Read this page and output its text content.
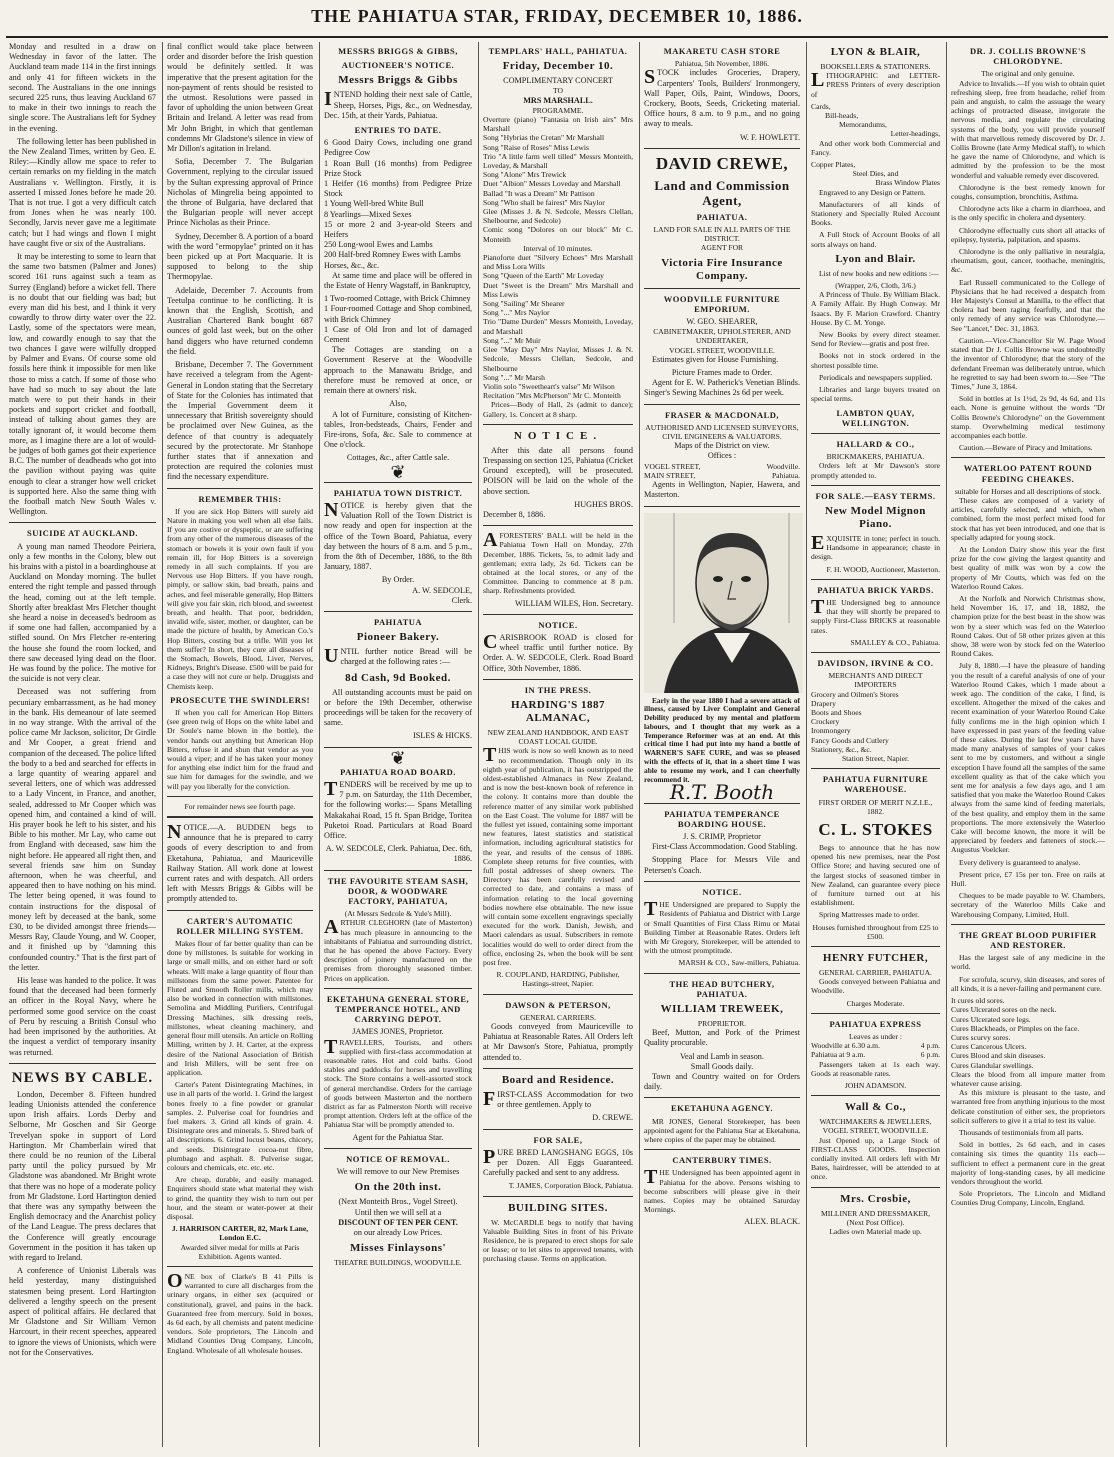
THE PAHIATUA STAR, FRIDAY, DECEMBER 10, 1886.

Monday and resulted in a draw on Wednesday in favor of the latter. The Auckland team made 114 in the first innings and only 41 for fifteen wickets in the second. The Australians in the one innings secured 225 runs, thus leaving Auckland 67 to make in their two innings to reach the single score. The Australians left for Sydney in the evening.

The following letter has been published in the New Zealand Times, written by Geo. E. Riley:—Kindly allow me space to refer to certain remarks on my fielding in the match Australians v. Wellington. Firstly, it is asserted I missed Jones before he made 20. That is not true. I got a very difficult catch from Jones when he was nearly 100. Secondly, Jarvis never gave me a legitimate catch; but I had wings and flown I might have caught five or six of the Australians.

It may be interesting to some to learn that the same two batsmen (Palmer and Jones) scored 161 runs against such a team as Surrey (England) before a wicket fell. There is no doubt that our fielding was bad; but every man did his best, and I think it very cowardly to throw dirty water over the 22. Lastly, some of the spectators were mean, low, and cowardly enough to say that the two chances I gave were wilfully dropped by Palmer and Evans. Of course some old fossils here think it impossible for men like those to miss a catch. If some of those who have had so much to say about the late match were to put their hands in their pockets and support cricket and football, instead of talking about games they are totally ignorant of, it would become them more, as I imagine there are a lot of would-be judges of both games got their experience B.C. The number of deadheads who got into the pavilion without paying was quite enough to clear a stranger how well cricket is supported here. Also the same thing with the football match New South Wales v. Wellington.

SUICIDE AT AUCKLAND.

A young man named Theodore Peiriera, only a few months in the Colony, blew out his brains with a pistol in a boardinghouse at Auckland on Monday morning. The bullet entered the right temple and passed through the head, coming out at the left temple. Shortly after breakfast Mrs Fletcher thought she heard a noise in deceased's bedroom as if some one had fallen, accompanied by a stifled sound. On Mrs Fletcher re-entering the house she found the room locked, and there saw deceased lying dead on the floor. He was found by the police. The motive for the suicide is not very clear.

Deceased was not suffering from pecuniary embarrassment, as he had money in the bank. His demeanour of late seemed in no way strange. With the arrival of the police came Mr Jackson, solicitor, Dr Girdle and Mr Cooper, a great friend and companion of the deceased. The police lifted the body to a bed and searched for effects in a large quantity of wearing apparel and several letters, one of which was addressed to a Lady Vincent, in France, and another, sealed, addressed to Mr Cooper which was opened him, and contained a kind of will. His prayer book he left to his sister, and his Bible to his mother. Mr Lay, who came out from England with deceased, saw him the night before. He appeared all right then, and several friends saw him on Sunday afternoon, when he was cheerful, and appeared then to have nothing on his mind. The letter being opened, it was found to contain instructions for the disposal of money left by deceased at the bank, some £30, to be divided amongst three friends—Messrs Ray, Claude Young, and W. Cooper, and it finished up by "damning this confounded country." That is the first part of the letter.

His lease was handed to the police. It was found that the deceased had been formerly an officer in the Royal Navy, where he performed some good service on the coast of Peru by rescuing a British Consul who had been imprisoned by the authorities. At the inquest a verdict of temporary insanity was returned.

NEWS BY CABLE.

London, December 8. Fifteen hundred leading Unionists attended the conference upon Irish affairs. Lords Derby and Selborne, Mr Goschen and Sir George Trevelyan spoke in support of Lord Hartington. Mr Chamberlain wired that there could be no reunion of the Liberal party until the policy pursued by Mr Gladstone was abandoned. Mr Bright wrote that there was no hope of a moderate policy from Mr Gladstone. Lord Hartington denied that there was any sympathy between the English democracy and the Anarchist policy of the Land League. The press declares that the Conference will greatly encourage Government in the position it has taken up with regard to Ireland.

A conference of Unionist Liberals was held yesterday, many distinguished statesmen being present. Lord Hartington delivered a lengthy speech on the present aspect of political affairs. He declared that Mr Gladstone and Sir William Vernon Harcourt, in their recent speeches, appeared to ignore the views of Unionists, which were not for the Conservatives.

final conflict would take place between order and disorder before the Irish question would be definitely settled. It was imperative that the present agitation for the non-payment of rents should be resisted to the utmost. Resolutions were passed in favor of upholding the union between Great Britain and Ireland. A letter was read from Mr John Bright, in which that gentleman condemns Mr Gladstone's silence in view of Mr Dillon's agitation in Ireland.

Sofia, December 7. The Bulgarian Government, replying to the circular issued by the Sultan expressing approval of Prince Nicholas of Mingrelia being appointed to the throne of Bulgaria, have declared that the Bulgarian people will never accept Prince Nicholas as their Prince.

Sydney, December 8. A portion of a board with the word "ermopylae" printed on it has been picked up at Port Macquarie. It is supposed to belong to the ship Thermopylae.

Adelaide, December 7. Accounts from Teetulpa continue to be conflicting. It is known that the English, Scottish, and Australian Chartered Bank bought 687 ounces of gold last week, but on the other hand diggers who have returned condemn the field.

Brisbane, December 7. The Government have received a telegram from the Agent-General in London stating that the Secretary of State for the Colonies has intimated that the Imperial Government deem it unnecessary that British sovereignty should be proclaimed over New Guinea, as the defence of that country is adequately secured by the protectorate. Mr Stanhope further states that if annexation and protection are required the colonies must find the necessary expenditure.

REMEMBER THIS:

If you are sick Hop Bitters will surely aid Nature in making you well when all else fails. If you are costive or dyspeptic, or are suffering from any other of the numerous diseases of the stomach or bowels it is your own fault if you remain ill, for Hop Bitters is a sovereign remedy in all such complaints. If you are Nervous use Hop Bitters. If you have rough, pimply, or sallow skin, bad breath, pains and aches, and feel miserable generally, Hop Bitters will give you fair skin, rich blood, and sweetest breath, and health. That poor, bedridden, invalid wife, sister, mother, or daughter, can be made the picture of health, by American Co.'s Hop Bitters, costing but a trifle. Will you let them suffer? In short, they cure all diseases of the Stomach, Bowels, Blood, Liver, Nerves, Kidneys, Bright's Disease. £500 will be paid for a case they will not cure or help. Druggists and Chemists keep.

PROSECUTE THE SWINDLERS!

If when you call for American Hop Bitters (see green twig of Hops on the white label and Dr Soule's name blown in the bottle), the vendor hands out anything but American Hop Bitters, refuse it and shun that vendor as you would a viper; and if he has taken your money for anything else indict him for the fraud and sue him for damages for the swindle, and we will pay you liberally for the conviction.

For remainder news see fourth page.

NOTICE.—A. BUDDEN begs to announce that he is prepared to carry goods of every description to and from Eketahuna, Pahiatua, and Mauriceville Railway Station. All work done at lowest current rates and with despatch. All orders left with Messrs Briggs & Gibbs will be promptly attended to.

CARTER'S AUTOMATIC ROLLER MILLING SYSTEM.

Makes flour of far better quality than can be done by millstones. Is suitable for working in large or small mills, and on either hard or soft wheats. Will make a large quantity of flour than millstones from the same power. Patentee for Fluted and Smooth Roller mills, which may also be worked in connection with millstones. Semolina and Middling Purifiers, Centrifugal Dressing Machines, silk dressing reels, millstones, wheat cleaning machinery, and general flour mill utensils. An article on Rolling Milling, written by J. H. Carter, at the express desire of the National Association of British and Irish Millers, will be sent free on application.

Carter's Patent Disintegrating Machines, in use in all parts of the world. 1. Grind the largest bones freely to a fine powder or granular samples. 2. Pulverise coal for foundries and fuel makers. 3. Grind all kinds of grain. 4. Disintegrate ores and minerals. 5. Shred bark of all descriptions. 6. Grind locust beans, chicory, and seeds. Disintegrate cocoa-nut fibre, plumbago and asphalt. 8. Pulverise sugar, colours and chemicals, etc. etc. etc.

Are cheap, durable, and easily managed. Enquirers should state what material they wish to grind, the quantity they wish to turn out per hour, and the steam or water-power at their disposal.

J. HARRISON CARTER, 82, Mark Lane, London E.C.
Awarded silver medal for mills at Paris Exhibition. Agents wanted.

ONE box of Clarke's B 41 Pills is warranted to cure all discharges from the urinary organs, in either sex (acquired or constitutional), gravel, and pains in the back. Guaranteed free from mercury. Sold in boxes, 4s 6d each, by all chemists and patent medicine vendors. Sole proprietors, The Lincoln and Midland Counties Drug Company, Lincoln, England. Wholesale of all wholesale houses.

MESSRS BRIGGS & GIBBS,
AUCTIONEER'S NOTICE.
Messrs Briggs & Gibbs

INTEND holding their next sale of Cattle, Sheep, Horses, Pigs, &c., on Wednesday, Dec. 15th, at their Yards, Pahiatua.

ENTRIES TO DATE.
6 Good Dairy Cows, including one grand Pedigree Cow
1 Roan Bull (16 months) from Pedigree Prize Stock
1 Heifer (16 months) from Pedigree Prize Stock
1 Young Well-bred White Bull
8 Yearlings—Mixed Sexes
15 or more 2 and 3-year-old Steers and Heifers
250 Long-wool Ewes and Lambs
200 Half-bred Romney Ewes with Lambs
Horses, &c., &c.

At same time and place will be offered in the Estate of Henry Wagstaff, in Bankruptcy,

1 Two-roomed Cottage, with Brick Chimney
1 Four-roomed Cottage and Shop combined, with Brick Chimney
1 Case of Old Iron and lot of damaged Cement

The Cottages are standing on a Government Reserve at the Woodville approach to the Manawatu Bridge, and therefore must be removed at once, or remain there at owners' risk.

Also,

A lot of Furniture, consisting of Kitchen-tables, Iron-bedsteads, Chairs, Fender and Fire-irons, Sofa, &c. Sale to commence at One o'clock.

Cottages, &c., after Cattle sale.
❦
PAHIATUA TOWN DISTRICT.

NOTICE is hereby given that the Valuation Roll of the Town District is now ready and open for inspection at the office of the Town Board, Pahiatua, every day between the hours of 8 a.m. and 5 p.m., from the 8th of December, 1886, to the 8th January, 1887.

By Order.
A. W. SEDCOLE,
Clerk.
PAHIATUA
Pioneer Bakery.

UNTIL further notice Bread will be charged at the following rates :—

8d Cash, 9d Booked.

All outstanding accounts must be paid on or before the 19th December, otherwise proceedings will be taken for the recovery of same.

ISLES & HICKS.
❦
PAHIATUA ROAD BOARD.

TENDERS will be received by me up to 7 p.m. on Saturday, the 11th December, for the following works:— Spans Metalling Makakahai Road, 15 ft. Span Bridge, Toritea Puketoi Road. Particulars at Road Board Office.

A. W. SEDCOLE, Clerk. Pahiatua, Dec. 6th, 1886.
THE FAVOURITE STEAM SASH, DOOR, & WOODWARE FACTORY, PAHIATUA,
(At Messrs Sedcole & Yule's Mill).

ARTHUR CLEGHORN (late of Masterton) has much pleasure in announcing to the inhabitants of Pahiatua and surrounding district, that he has opened the above Factory. Every description of joinery manufactured on the premises from thoroughly seasoned timber. Prices on application.

EKETAHUNA GENERAL STORE, TEMPERANCE HOTEL, AND CARRYING DEPOT.
JAMES JONES, Proprietor.

TRAVELLERS, Tourists, and others supplied with first-class accommodation at reasonable rates. Hot and cold baths. Good stables and paddocks for horses and travelling stock. The Store contains a well-assorted stock of general merchandise. Orders for the carriage of goods between Masterton and the northern district as far as Palmerston North will receive prompt attention. Orders left at the office of the Pahiatua Star will be promptly attended to.

Agent for the Pahiatua Star.
NOTICE OF REMOVAL.
We will remove to our New Premises
On the 20th inst.
(Next Monteith Bros., Vogel Street).
Until then we will sell at a
DISCOUNT OF TEN PER CENT.
on our already Low Prices.
Misses Finlaysons'
THEATRE BUILDINGS, WOODVILLE.
TEMPLARS' HALL, PAHIATUA.
Friday, December 10.
COMPLIMENTARY CONCERT
TO
MRS MARSHALL.
PROGRAMME.
Overture (piano) "Fantasia on Irish airs" Mrs Marshall
Song "Hybrias the Cretan" Mr Marshall
Song "Raise of Roses" Miss Lewis
Trio "A little farm well tilled" Messrs Monteith, Loveday, & Marshall
Song "Alone" Mrs Trewick
Duet "Albion" Messrs Loveday and Marshall
Ballad "It was a Dream" Mr Pattison
Song "Who shall be fairest" Mrs Naylor
Glee (Misses J. & N. Sedcole, Messrs Clellan, Shelbourne, and Sedcole)
Comic song "Dolores on our block" Mr C. Monteith
Interval of 10 minutes.
Pianoforte duet "Silvery Echoes" Mrs Marshall and Miss Lora Wills
Song "Queen of the Earth" Mr Loveday
Duet "Sweet is the Dream" Mrs Marshall and Miss Lewis
Song "Sailing" Mr Shearer
Song "..." Mrs Naylor
Trio "Dame Durden" Messrs Monteith, Loveday, and Marshall
Song "..." Mr Muir
Glee "May Day" Mrs Naylor, Misses J. & N. Sedcole, Messrs Clellan, Sedcole, and Shelbourne
Song "..." Mr Marsh
Violin solo "Sweetheart's valse" Mr Wilson
Recitation "Mrs McPherson" Mr C. Monteith

Prices—Body of Hall, 2s (admit to dance); Gallery, 1s. Concert at 8 sharp.

NOTICE.

After this date all persons found Trespassing on section 125, Pahiatua (Cricket Ground excepted), will be prosecuted. POISON will be laid on the whole of the above section.

HUGHES BROS.
December 8, 1886.

AFORESTERS' BALL will be held in the Pahiatua Town Hall on Monday, 27th December, 1886. Tickets, 5s, to admit lady and gentleman; extra lady, 2s 6d. Tickets can be obtained at the local stores, or any of the Committee. Dancing to commence at 8 p.m. sharp. Refreshments provided.

WILLIAM WILES, Hon. Secretary.
NOTICE.

CARISBROOK ROAD is closed for wheel traffic until further notice. By Order. A. W. SEDCOLE, Clerk. Road Board Office, 30th November, 1886.

IN THE PRESS.
HARDING'S 1887 ALMANAC,
NEW ZEALAND HANDBOOK, AND EAST COAST LOCAL GUIDE.

THIS work is now so well known as to need no recommendation. Though only in its eighth year of publication, it has outstripped the oldest-established Almanacs in New Zealand, and is now the best-known book of reference in the colony. It contains more than double the reference matter of any similar work published on the East Coast. The volume for 1887 will be the fullest yet issued, containing some important new features, latest statistics and statistical information, including agricultural statistics for the year, and results of the census of 1886. Complete sheep returns for five counties, with full postal addresses of sheep owners. The Directory has been carefully revised and corrected to date, and contains a mass of information relating to the local governing bodies nowhere else obtainable. The new issue will contain some excellent engravings specially executed for the work. Danish, Jewish, and Maori calendars as usual. Subscribers in remote localities would do well to order direct from the office, enclosing 2s, when the book will be sent post free.

R. COUPLAND, HARDING, Publisher, Hastings-street, Napier.
DAWSON & PETERSON,
GENERAL CARRIERS.

Goods conveyed from Mauriceville to Pahiatua at Reasonable Rates. All Orders left at Mr Dawson's Store, Pahiatua, promptly attended to.

Board and Residence.

FIRST-CLASS Accommodation for two or three gentlemen. Apply to

D. CREWE.
FOR SALE,

PURE BRED LANGSHANG EGGS, 10s per Dozen. All Eggs Guaranteed. Carefully packed and sent to any address.

T. JAMES, Corporation Block, Pahiatua.
BUILDING SITES.

W. McCARDLE begs to notify that having Valuable Building Sites in front of his Private Residence, he is prepared to erect shops for sale or lease; or to let sites to approved tenants, with purchasing clause. Terms on application.

MAKARETU CASH STORE
Pahiatua, 5th November, 1886.

STOCK includes Groceries, Drapery, Carpenters' Tools, Builders' Ironmongery, Wall Paper, Oils, Paint, Windows, Doors, Crockery, Boots, Seeds, Cricketing material. Office hours, 8 a.m. to 9 p.m., and no going away to meals.

W. F. HOWLETT.
DAVID CREWE,
Land and Commission Agent,
PAHIATUA.
LAND FOR SALE IN ALL PARTS OF THE DISTRICT.
AGENT FOR
Victoria Fire Insurance Company.
WOODVILLE FURNITURE EMPORIUM.
W. GEO. SHEARER,
CABINETMAKER, UPHOLSTERER, AND UNDERTAKER,
VOGEL STREET, WOODVILLE.

Estimates given for House Furnishing.

Picture Frames made to Order.

Agent for E. W. Patherick's Venetian Blinds. Singer's Sewing Machines 2s 6d per week.

FRASER & MACDONALD,
AUTHORISED AND LICENSED SURVEYORS,
CIVIL ENGINEERS & VALUATORS.
Maps of the District on view.
Offices :
VOGEL STREET,	Woodville.
MAIN STREET,	Pahiatua.

Agents in Wellington, Napier, Hawera, and Masterton.

Early in the year 1880 I had a severe attack of illness, caused by Liver Complaint and General Debility produced by my mental and platform labours, and I thought that my work as a Temperance Reformer was at an end. At this critical time I had put into my hand a bottle of WARNER'S SAFE CURE, and was so pleased with the effects of it, that in a short time I was able to resume my work, and I can cheerfully recommend it.

R.T. Booth
PAHIATUA TEMPERANCE BOARDING HOUSE.
J. S. CRIMP, Proprietor

First-Class Accommodation. Good Stabling.

Stopping Place for Messrs Vile and Petersen's Coach.

NOTICE.

THE Undersigned are prepared to Supply the Residents of Pahiatua and District with Large or Small Quantities of First Class Rimu or Matai Building Timber at Reasonable Rates. Orders left with Mr Gregory, Storekeeper, will be attended to with the utmost promptitude.

MARSH & CO., Saw-millers, Pahiatua.
THE HEAD BUTCHERY, PAHIATUA.
WILLIAM TREWEEK,
PROPRIETOR.

Beef, Mutton, and Pork of the Primest Quality procurable.

Veal and Lamb in season.
Small Goods daily.

Town and Country waited on for Orders daily.

EKETAHUNA AGENCY.

MR JONES, General Storekeeper, has been appointed agent for the Pahiatua Star at Eketahuna, where copies of the paper may be obtained.

CANTERBURY TIMES.

THE Undersigned has been appointed agent in Pahiatua for the above. Persons wishing to become subscribers will please give in their names. Copies may be obtained Saturday Mornings.

ALEX. BLACK.
LYON & BLAIR,
BOOKSELLERS & STATIONERS.

LITHOGRAPHIC and LETTER-PRESS Printers of every description of

Cards,
Bill-heads,
Memorandums,
Letter-headings,

And other work both Commercial and Fancy.

Copper Plates,
Steel Dies, and
Brass Window Plates

Engraved to any Design or Pattern.

Manufacturers of all kinds of Stationery and Specially Ruled Account Books.

A Full Stock of Account Books of all sorts always on hand.

Lyon and Blair.

List of new books and new editions :—

(Wrapper, 2/6, Cloth, 3/6.)

A Princess of Thule. By William Black. A Family Affair. By Hugh Conway. Mr Isaacs. By F. Marion Crawford. Chantry House. By C. M. Yonge.

New Books by every direct steamer. Send for Review—gratis and post free.

Books not in stock ordered in the shortest possible time.

Periodicals and newspapers supplied.

Libraries and large buyers treated on special terms.

LAMBTON QUAY, WELLINGTON.
HALLARD & CO.,
BRICKMAKERS, PAHIATUA.

Orders left at Mr Dawson's store promptly attended to.

FOR SALE.—EASY TERMS.
New Model Mignon Piano.

EXQUISITE in tone; perfect in touch. Handsome in appearance; chaste in design.

F. H. WOOD, Auctioneer, Masterton.
PAHIATUA BRICK YARDS.

THE Undersigned beg to announce that they will shortly be prepared to supply First-Class BRICKS at reasonable rates.

SMALLEY & CO., Pahiatua.
DAVIDSON, IRVINE & CO.
MERCHANTS AND DIRECT IMPORTERS
Grocery and Oilmen's Stores
Drapery
Boots and Shoes
Crockery
Ironmongery
Fancy Goods and Cutlery
Stationery, &c., &c.
Station Street, Napier.
PAHIATUA FURNITURE WAREHOUSE.
FIRST ORDER OF MERIT N.Z.I.E., 1882.
C. L. STOKES

Begs to announce that he has now opened his new premises, near the Post Office Store; and having secured one of the largest stocks of seasoned timber in New Zealand, can guarantee every piece of furniture turned out at his establishment.

Spring Mattresses made to order.

Houses furnished throughout from £25 to £500.
HENRY FUTCHER,
GENERAL CARRIER, PAHIATUA.

Goods conveyed between Pahiatua and Woodville.

Charges Moderate.
PAHIATUA EXPRESS
Leaves as under :
Woodville at 6.30 a.m.	4 p.m.
Pahiatua at 9 a.m.	6 p.m.

Passengers taken at 1s each way. Goods at reasonable rates.

JOHN ADAMSON.
Wall & Co.,
WATCHMAKERS & JEWELLERS,
VOGEL STREET, WOODVILLE.

Just Opened up, a Large Stock of FIRST-CLASS GOODS. Inspection cordially invited. All orders left with Mr Bates, hairdresser, will be attended to at once.

Mrs. Crosbie,
MILLINER AND DRESSMAKER,
(Next Post Office).
Ladies own Material made up.
DR. J. COLLIS BROWNE'S CHLORODYNE.
The original and only genuine.

Advice to Invalids.—If you wish to obtain quiet refreshing sleep, free from headache, relief from pain and anguish, to calm the assuage the weary achings of protracted disease, invigorate the nervous media, and regulate the circulating systems of the body, you will provide yourself with that marvellous remedy discovered by Dr. J. Collis Browne (late Army Medical staff), to which he gave the name of Chlorodyne, and which is admitted by the profession to be the most wonderful and valuable remedy ever discovered.

Chlorodyne is the best remedy known for coughs, consumption, bronchitis, Asthma.

Chlorodyne acts like a charm in diarrhoea, and is the only specific in cholera and dysentery.

Chlorodyne effectually cuts short all attacks of epilepsy, hysteria, palpitation, and spasms.

Chlorodyne is the only palliative in neuralgia, rheumatism, gout, cancer, toothache, meningitis, &c.

Earl Russell communicated to the College of Physicians that he had received a despatch from Her Majesty's Consul at Manilla, to the effect that cholera had been raging fearfully, and that the only remedy of any service was Chlorodyne.—See "Lancet," Dec. 31, 1863.

Caution.—Vice-Chancellor Sir W. Page Wood stated that Dr J. Collis Browne was undoubtedly the inventor of Chlorodyne; that the story of the defendant Freeman was deliberately untrue, which he regretted to say had been sworn to.—See "The Times," June 3, 1864.

Sold in bottles at 1s 1½d, 2s 9d, 4s 6d, and 11s each. None is genuine without the words "Dr Collis Browne's Chlorodyne" on the Government stamp. Overwhelming medical testimony accompanies each bottle.

Caution.—Beware of Piracy and Imitations.

WATERLOO PATENT ROUND FEEDING CHEAKES.
suitable for Horses and all descriptions of stock.

These cakes are composed of a variety of articles, carefully selected, and which, when combined, form the most perfect mixed food for stock that has yet been introduced, and one that is specially adapted for young stock.

At the London Dairy show this year the first prize for the cow giving the largest quantity and best quality of milk was won by a cow the property of Mr Coutts, which was fed on the Waterloo Round Cakes.

At the Norfolk and Norwich Christmas show, held November 16, 17, and 18, 1882, the champion prize for the best beast in the show was won by a steer which was fed on the Waterloo Round Cakes. Out of 58 other prizes given at this show, 38 were won by stock fed on the Waterloo Round Cakes.

July 8, 1880.—I have the pleasure of handing you the result of a careful analysis of one of your Waterloo Round Cakes, which I made about a week ago. The condition of the cake, I find, is excellent. Altogether the mixed of the cakes and recent examination of your Waterloo Round Cake fully confirms me in the high opinion which I have expressed in past years of the feeding value of these cakes. During the last few years I have made many analyses of samples of your cakes sent to me by customers, and without a single exception I have found all the samples of the same excellent quality as that of the cake which you sent me for analysis a few days ago, and I am satisfied that you make the Waterloo Round Cakes always from the same kind of feeding materials, of the best quality, and employ them in the same proportions. The more extensively the Waterloo Cake will become known, the more it will be appreciated by feeders and fatteners of stock.—Augustus Voelcker.

Every delivery is guaranteed to analyse.

Present price, £7 15s per ton. Free on rails at Hull.

Cheques to be made payable to W. Chambers, secretary of the Waterloo Mills Cake and Warehousing Company, Limited, Hull.

THE GREAT BLOOD PURIFIER AND RESTORER.

Has the largest sale of any medicine in the world.

For scrofula, scurvy, skin diseases, and sores of all kinds, it is a never-failing and permanent cure.

It cures old sores.
Cures Ulcerated sores on the neck.
Cures Ulcerated sore legs.
Cures Blackheads, or Pimples on the face.
Cures scurvy sores.
Cures Cancerous Ulcers.
Cures Blood and skin diseases.
Cures Glandular swellings.
Clears the blood from all impure matter from whatever cause arising.

As this mixture is pleasant to the taste, and warranted free from anything injurious to the most delicate constitution of either sex, the proprietors solicit sufferers to give it a trial to test its value.

Thousands of testimonials from all parts.

Sold in bottles, 2s 6d each, and in cases containing six times the quantity 11s each—sufficient to effect a permanent cure in the great majority of long-standing cases, by all medicine vendors throughout the world.

Sole Proprietors, The Lincoln and Midland Counties Drug Company, Lincoln, England.
